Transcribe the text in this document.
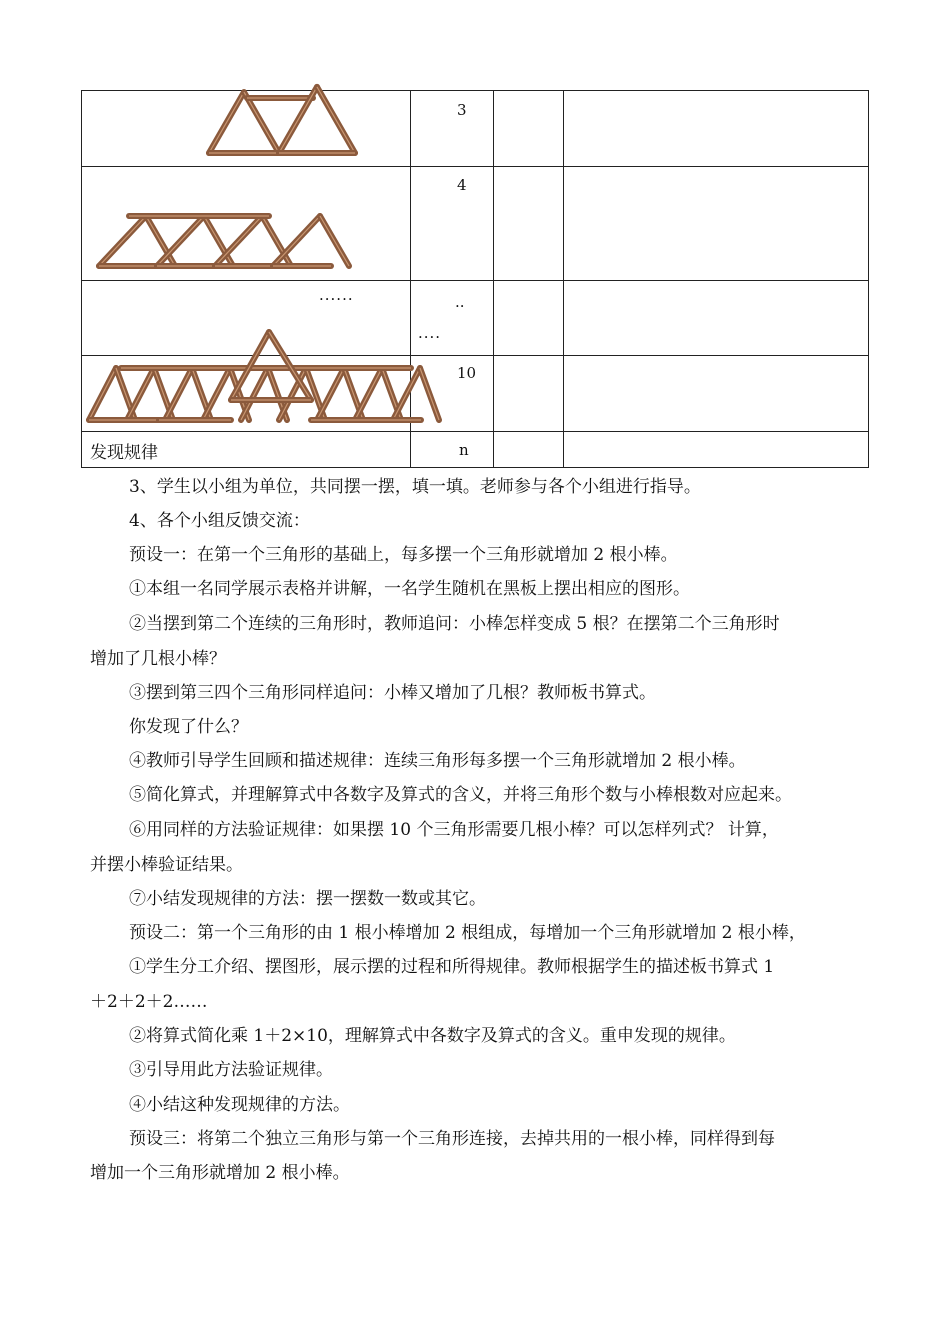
3
4
..
······
····
10
n
发现规律
3、学生以小组为单位，共同摆一摆，填一填。老师参与各个小组进行指导。
4、各个小组反馈交流：
预设一：在第一个三角形的基础上，每多摆一个三角形就增加 2 根小棒。
①本组一名同学展示表格并讲解，一名学生随机在黑板上摆出相应的图形。
②当摆到第二个连续的三角形时，教师追问：小棒怎样变成 5 根？在摆第二个三角形时
增加了几根小棒？
③摆到第三四个三角形同样追问：小棒又增加了几根？教师板书算式。
你发现了什么？
④教师引导学生回顾和描述规律：连续三角形每多摆一个三角形就增加 2 根小棒。
⑤简化算式，并理解算式中各数字及算式的含义，并将三角形个数与小棒根数对应起来。
⑥用同样的方法验证规律：如果摆 10 个三角形需要几根小棒？可以怎样列式？ 计算，
并摆小棒验证结果。
⑦小结发现规律的方法：摆一摆数一数或其它。
预设二：第一个三角形的由 1 根小棒增加 2 根组成，每增加一个三角形就增加 2 根小棒，
①学生分工介绍、摆图形，展示摆的过程和所得规律。教师根据学生的描述板书算式 1
＋2＋2＋2……
②将算式简化乘 1＋2×10，理解算式中各数字及算式的含义。重申发现的规律。
③引导用此方法验证规律。
④小结这种发现规律的方法。
预设三：将第二个独立三角形与第一个三角形连接，去掉共用的一根小棒，同样得到每
增加一个三角形就增加 2 根小棒。
